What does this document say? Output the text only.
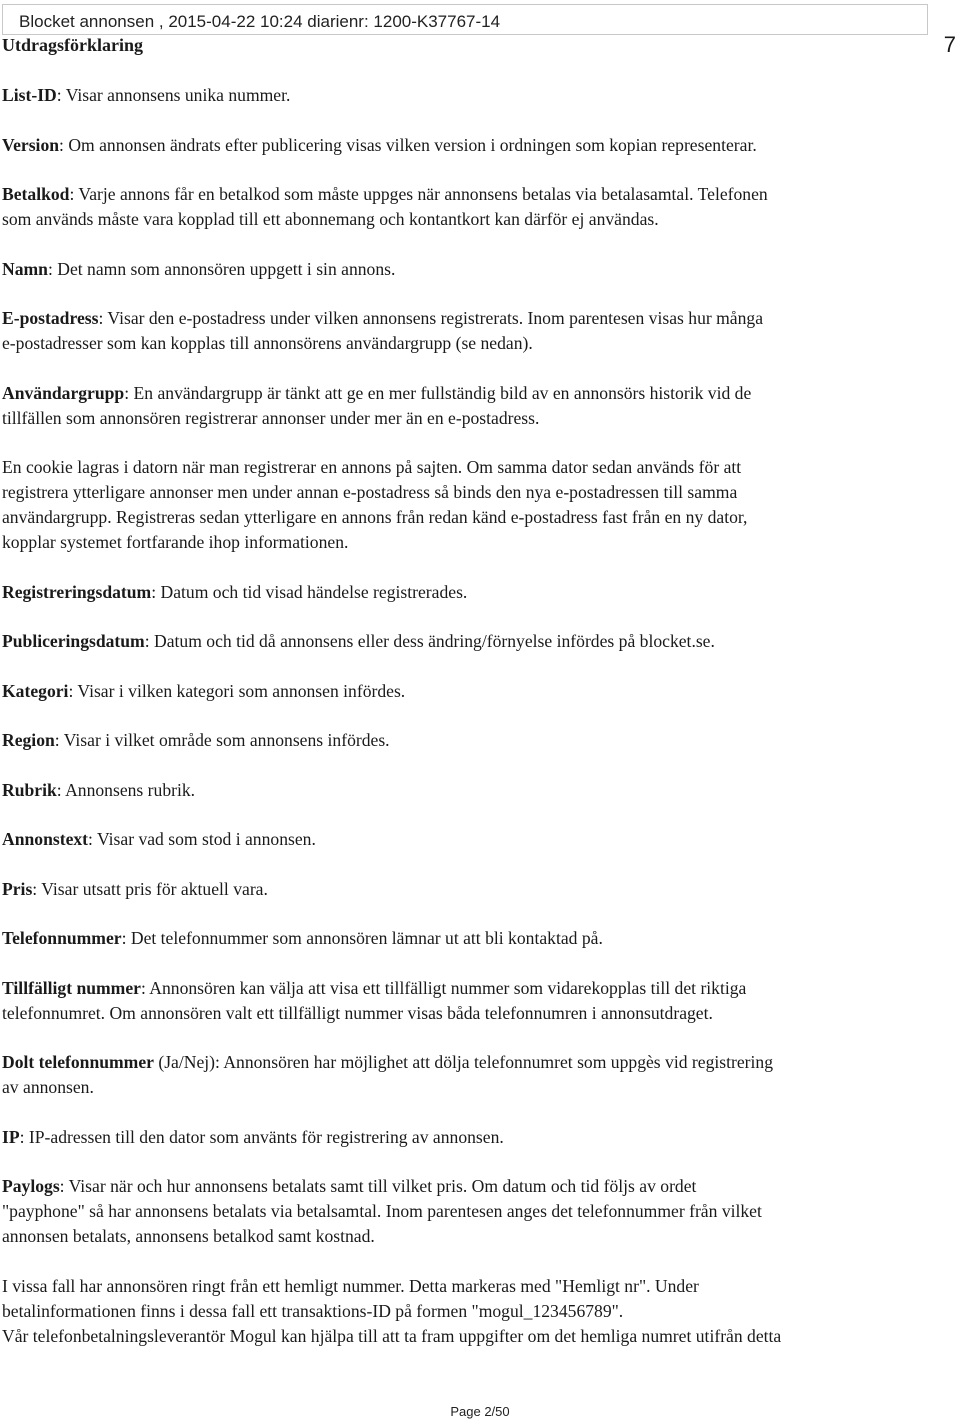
Blocket annonsen , 2015-04-22 10:24 diarienr: 1200-K37767-14
Utdragsförklaring	7

List-ID: Visar annonsens unika nummer.

Version: Om annonsen ändrats efter publicering visas vilken version i ordningen som kopian representerar.

Betalkod: Varje annons får en betalkod som måste uppges när annonsens betalas via betalasamtal. Telefonen
som används måste vara kopplad till ett abonnemang och kontantkort kan därför ej användas.

Namn: Det namn som annonsören uppgett i sin annons.

E-postadress: Visar den e-postadress under vilken annonsens registrerats. Inom parentesen visas hur många
e-postadresser som kan kopplas till annonsörens användargrupp (se nedan).

Användargrupp: En användargrupp är tänkt att ge en mer fullständig bild av en annonsörs historik vid de
tillfällen som annonsören registrerar annonser under mer än en e-postadress.

En cookie lagras i datorn när man registrerar en annons på sajten. Om samma dator sedan används för att
registrera ytterligare annonser men under annan e-postadress så binds den nya e-postadressen till samma
användargrupp. Registreras sedan ytterligare en annons från redan känd e-postadress fast från en ny dator,
kopplar systemet fortfarande ihop informationen.

Registreringsdatum: Datum och tid visad händelse registrerades.

Publiceringsdatum: Datum och tid då annonsens eller dess ändring/förnyelse infördes på blocket.se.

Kategori: Visar i vilken kategori som annonsen infördes.

Region: Visar i vilket område som annonsens infördes.

Rubrik: Annonsens rubrik.

Annonstext: Visar vad som stod i annonsen.

Pris: Visar utsatt pris för aktuell vara.

Telefonnummer: Det telefonnummer som annonsören lämnar ut att bli kontaktad på.

Tillfälligt nummer: Annonsören kan välja att visa ett tillfälligt nummer som vidarekopplas till det riktiga
telefonnumret. Om annonsören valt ett tillfälligt nummer visas båda telefonnumren i annonsutdraget.

Dolt telefonnummer (Ja/Nej): Annonsören har möjlighet att dölja telefonnumret som uppgès vid registrering
av annonsen.

IP: IP-adressen till den dator som använts för registrering av annonsen.

Paylogs: Visar när och hur annonsens betalats samt till vilket pris. Om datum och tid följs av ordet
"payphone" så har annonsens betalats via betalsamtal. Inom parentesen anges det telefonnummer från vilket
annonsen betalats, annonsens betalkod samt kostnad.

I vissa fall har annonsören ringt från ett hemligt nummer. Detta markeras med "Hemligt nr". Under
betalinformationen finns i dessa fall ett transaktions-ID på formen "mogul_123456789".
Vår telefonbetalningsleverantör Mogul kan hjälpa till att ta fram uppgifter om det hemliga numret utifrån detta

Page 2/50
